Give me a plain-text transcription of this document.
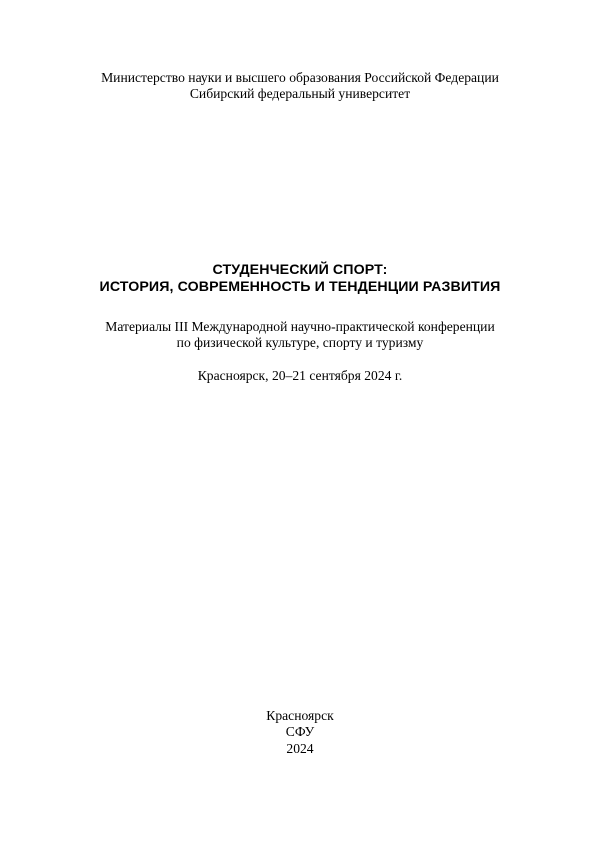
Министерство науки и высшего образования Российской Федерации
Сибирский федеральный университет
СТУДЕНЧЕСКИЙ СПОРТ:
ИСТОРИЯ, СОВРЕМЕННОСТЬ И ТЕНДЕНЦИИ РАЗВИТИЯ
Материалы III Международной научно-практической конференции
по физической культуре, спорту и туризму
Красноярск, 20–21 сентября 2024 г.
Красноярск
СФУ
2024
